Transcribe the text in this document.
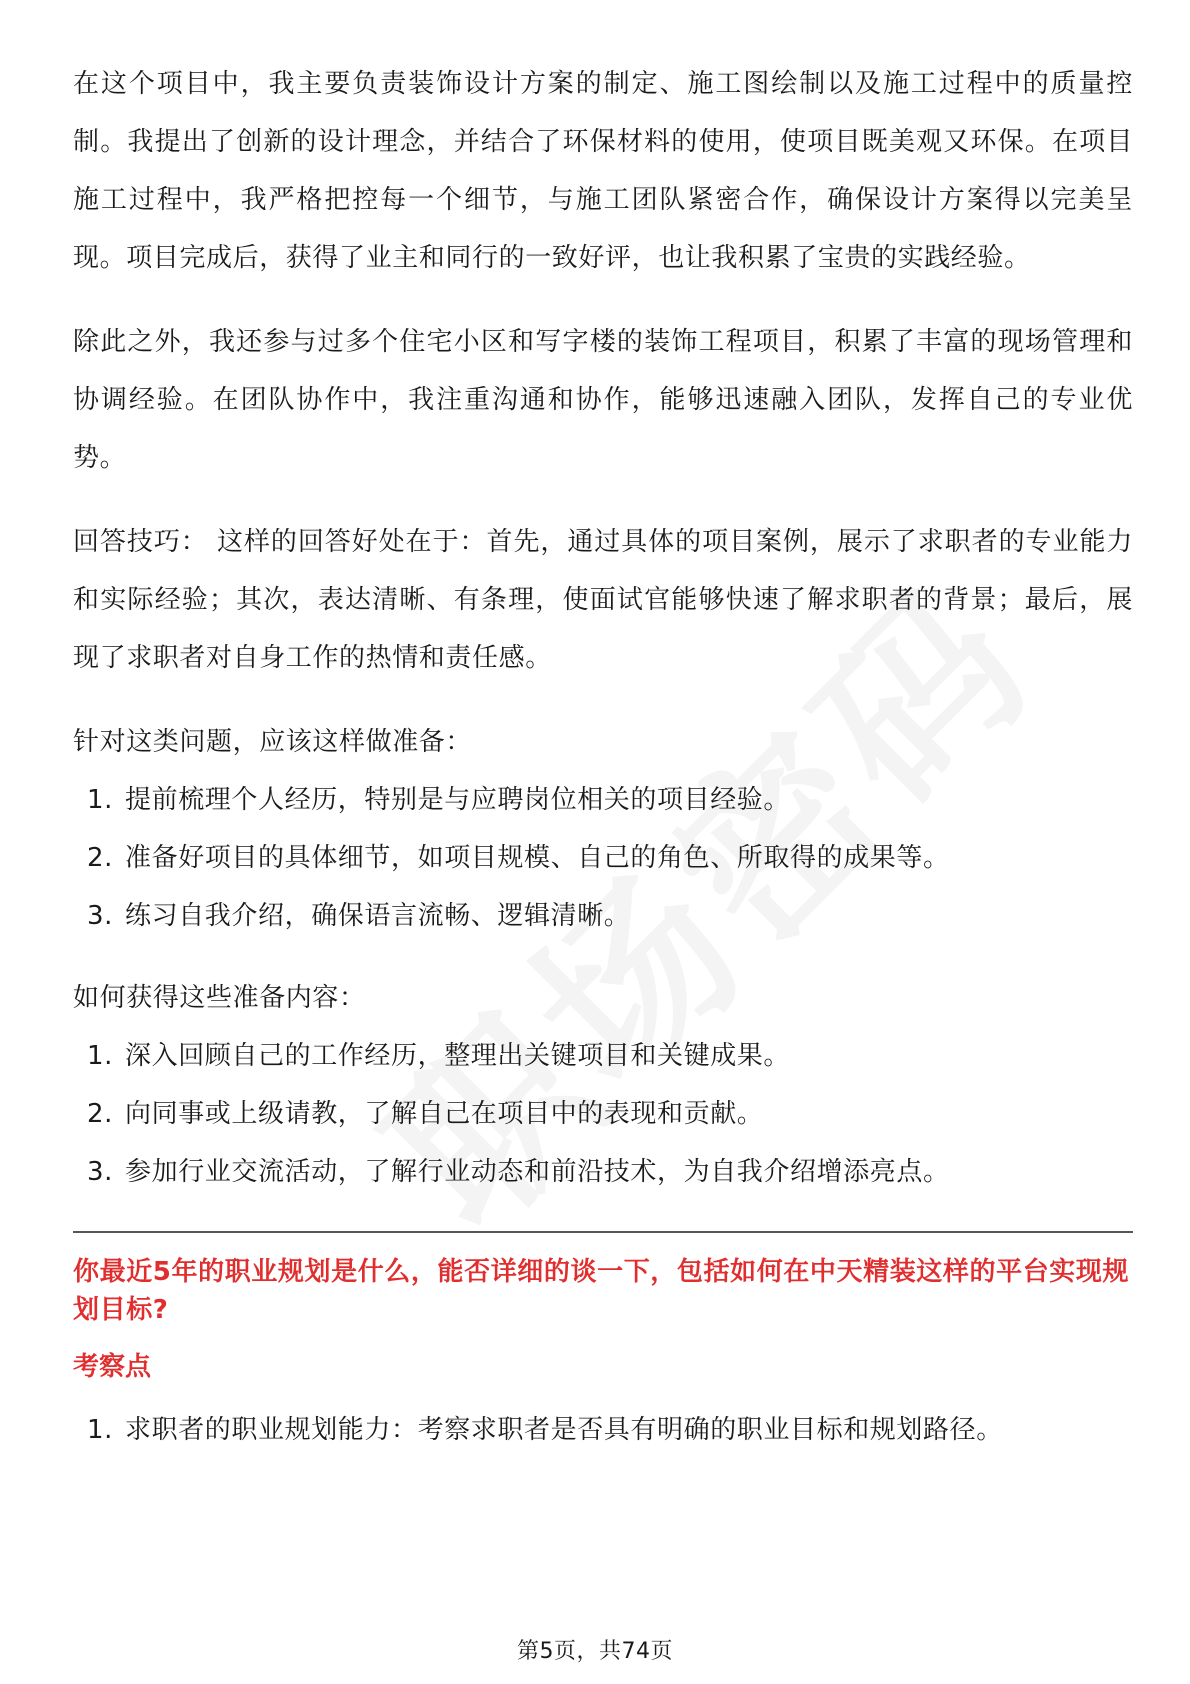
在这个项目中，我主要负责装饰设计方案的制定、施工图绘制以及施工过程中的质量控制。我提出了创新的设计理念，并结合了环保材料的使用，使项目既美观又环保。在项目施工过程中，我严格把控每一个细节，与施工团队紧密合作，确保设计方案得以完美呈现。项目完成后，获得了业主和同行的一致好评，也让我积累了宝贵的实践经验。

除此之外，我还参与过多个住宅小区和写字楼的装饰工程项目，积累了丰富的现场管理和协调经验。在团队协作中，我注重沟通和协作，能够迅速融入团队，发挥自己的专业优势。

回答技巧： 这样的回答好处在于：首先，通过具体的项目案例，展示了求职者的专业能力和实际经验；其次，表达清晰、有条理，使面试官能够快速了解求职者的背景；最后，展现了求职者对自身工作的热情和责任感。

针对这类问题，应该这样做准备：

1. 提前梳理个人经历，特别是与应聘岗位相关的项目经验。
2. 准备好项目的具体细节，如项目规模、自己的角色、所取得的成果等。
3. 练习自我介绍，确保语言流畅、逻辑清晰。

如何获得这些准备内容：

1. 深入回顾自己的工作经历，整理出关键项目和关键成果。
2. 向同事或上级请教，了解自己在项目中的表现和贡献。
3. 参加行业交流活动，了解行业动态和前沿技术，为自我介绍增添亮点。
你最近5年的职业规划是什么，能否详细的谈一下，包括如何在中天精装这样的平台实现规划目标?
考察点
1. 求职者的职业规划能力：考察求职者是否具有明确的职业目标和规划路径。
第5页，共74页
